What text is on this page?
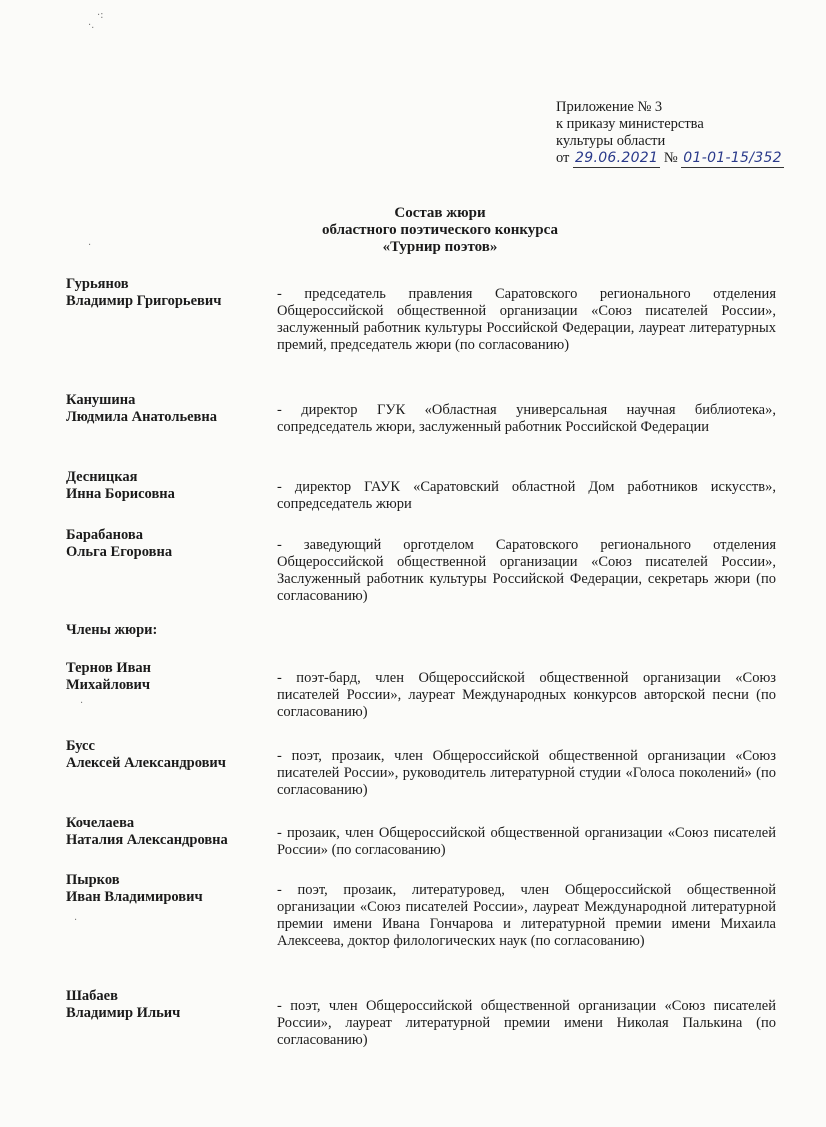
·:
·.
·
·
·
Приложение № 3
к приказу министерства
культуры области
от 29.06.2021 № 01-01-15/352
Состав жюри
областного поэтического конкурса
«Турнир поэтов»
Гурьянов
Владимир Григорьевич	- председатель правления Саратовского регионального отделения Общероссийской общественной организации «Союз писателей России», заслуженный работник культуры Российской Федерации, лауреат литературных премий, председатель жюри (по согласованию)
Канушина
Людмила Анатольевна	- директор ГУК «Областная универсальная научная библиотека», сопредседатель жюри, заслуженный работник Российской Федерации
Десницкая
Инна Борисовна	- директор ГАУК «Саратовский областной Дом работников искусств», сопредседатель жюри
Барабанова
Ольга Егоровна	- заведующий орготделом Саратовского регионального отделения Общероссийской общественной организации «Союз писателей России», Заслуженный работник культуры Российской Федерации, секретарь жюри (по согласованию)
Члены жюри:
Тернов Иван
Михайлович	- поэт-бард, член Общероссийской общественной организации «Союз писателей России», лауреат Международных конкурсов авторской песни (по согласованию)
Бусс
Алексей Александрович	- поэт, прозаик, член Общероссийской общественной организации «Союз писателей России», руководитель литературной студии «Голоса поколений» (по согласованию)
Кочелаева
Наталия Александровна	- прозаик, член Общероссийской общественной организации «Союз писателей России» (по согласованию)
Пырков
Иван Владимирович	- поэт, прозаик, литературовед, член Общероссийской общественной организации «Союз писателей России», лауреат Международной литературной премии имени Ивана Гончарова и литературной премии имени Михаила Алексеева, доктор филологических наук (по согласованию)
Шабаев
Владимир Ильич	- поэт, член Общероссийской общественной организации «Союз писателей России», лауреат литературной премии имени Николая Палькина (по согласованию)
